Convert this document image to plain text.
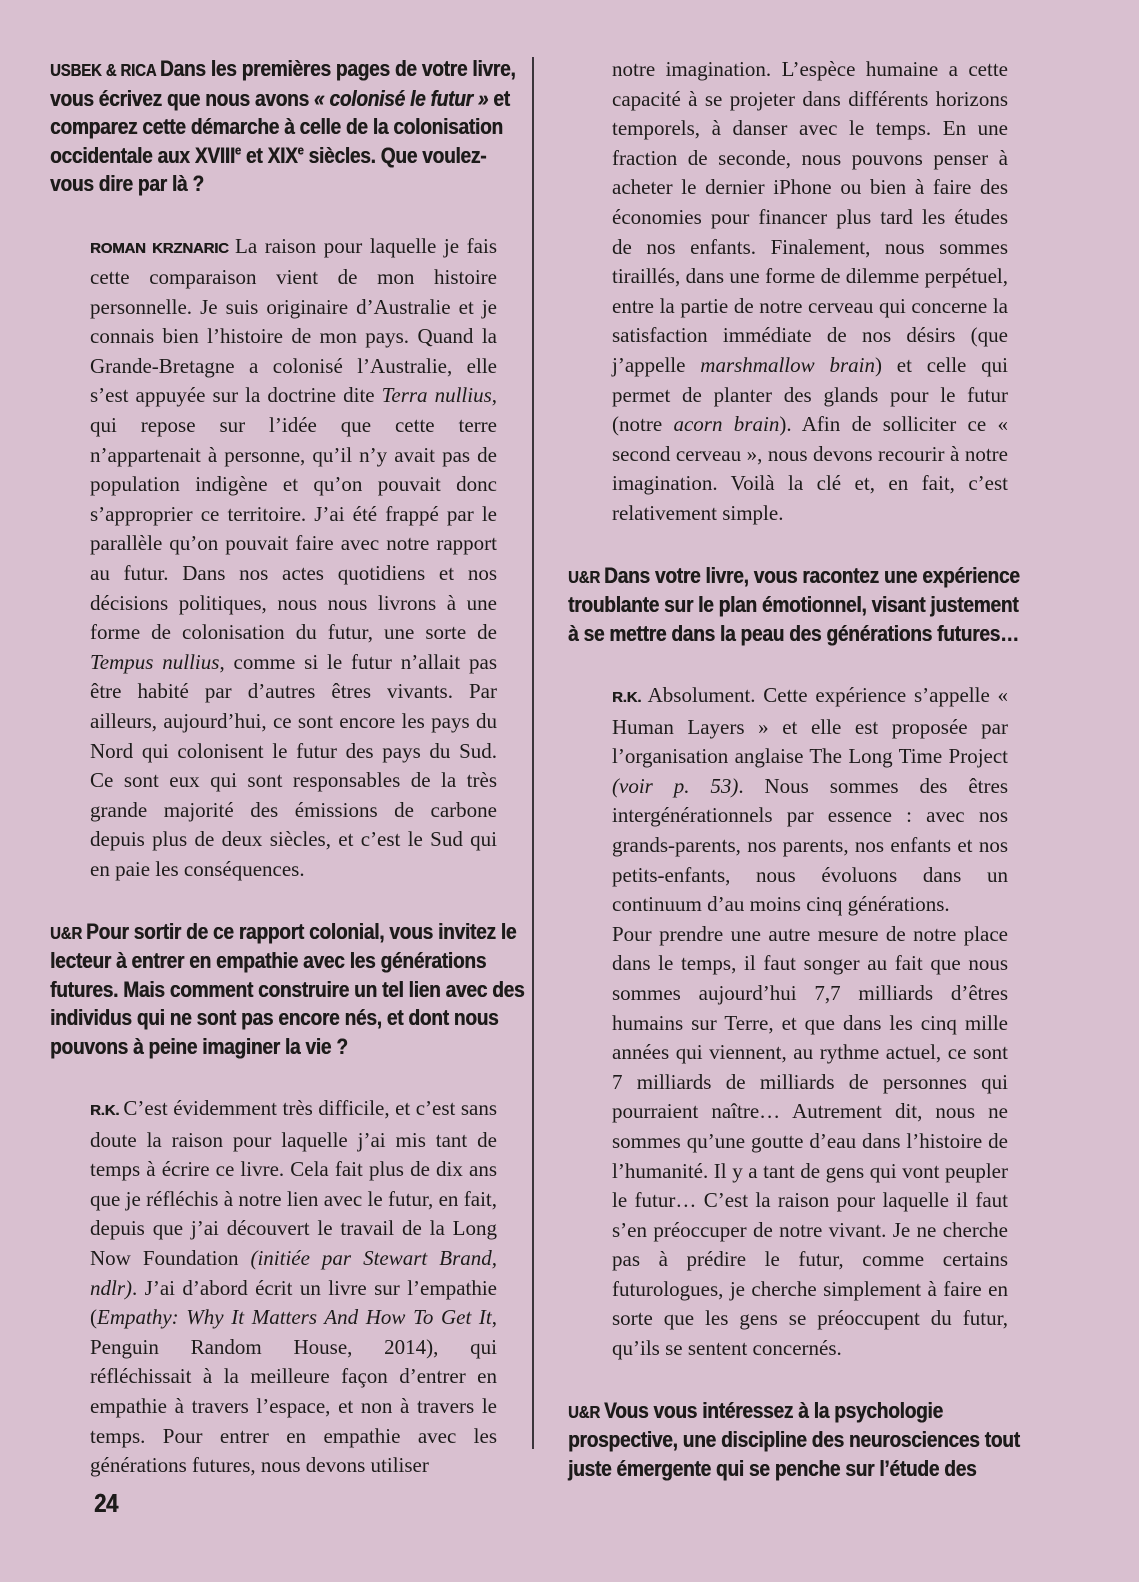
USBEK & RICA Dans les premières pages de votre livre, vous écrivez que nous avons « colonisé le futur » et comparez cette démarche à celle de la colonisation occidentale aux XVIIIe et XIXe siècles. Que voulez-vous dire par là ?

ROMAN KRZNARIC La raison pour laquelle je fais cette comparaison vient de mon histoire personnelle. Je suis originaire d’Australie et je connais bien l’histoire de mon pays. Quand la Grande-Bretagne a colonisé l’Australie, elle s’est appuyée sur la doctrine dite Terra nullius, qui repose sur l’idée que cette terre n’appartenait à personne, qu’il n’y avait pas de population indigène et qu’on pouvait donc s’approprier ce territoire. J’ai été frappé par le parallèle qu’on pouvait faire avec notre rapport au futur. Dans nos actes quotidiens et nos décisions politiques, nous nous livrons à une forme de colonisation du futur, une sorte de Tempus nullius, comme si le futur n’allait pas être habité par d’autres êtres vivants. Par ailleurs, aujourd’hui, ce sont encore les pays du Nord qui colonisent le futur des pays du Sud. Ce sont eux qui sont responsables de la très grande majorité des émissions de carbone depuis plus de deux siècles, et c’est le Sud qui en paie les conséquences.

U&R Pour sortir de ce rapport colonial, vous invitez le lecteur à entrer en empathie avec les générations futures. Mais comment construire un tel lien avec des individus qui ne sont pas encore nés, et dont nous pouvons à peine imaginer la vie ?

R.K. C’est évidemment très difficile, et c’est sans doute la raison pour laquelle j’ai mis tant de temps à écrire ce livre. Cela fait plus de dix ans que je réfléchis à notre lien avec le futur, en fait, depuis que j’ai découvert le travail de la Long Now Foundation (initiée par Stewart Brand, ndlr). J’ai d’abord écrit un livre sur l’empathie (Empathy: Why It Matters And How To Get It, Penguin Random House, 2014), qui réfléchissait à la meilleure façon d’entrer en empathie à travers l’espace, et non à travers le temps. Pour entrer en empathie avec les générations futures, nous devons utiliser

notre imagination. L’espèce humaine a cette capacité à se projeter dans différents horizons temporels, à danser avec le temps. En une fraction de seconde, nous pouvons penser à acheter le dernier iPhone ou bien à faire des économies pour financer plus tard les études de nos enfants. Finalement, nous sommes tiraillés, dans une forme de dilemme perpétuel, entre la partie de notre cerveau qui concerne la satisfaction immédiate de nos désirs (que j’appelle marshmallow brain) et celle qui permet de planter des glands pour le futur (notre acorn brain). Afin de solliciter ce « second cerveau », nous devons recourir à notre imagination. Voilà la clé et, en fait, c’est relativement simple.

U&R Dans votre livre, vous racontez une expérience troublante sur le plan émotionnel, visant justement à se mettre dans la peau des générations futures…

R.K. Absolument. Cette expérience s’appelle « Human Layers » et elle est proposée par l’organisation anglaise The Long Time Project (voir p. 53). Nous sommes des êtres intergénérationnels par essence : avec nos grands-parents, nos parents, nos enfants et nos petits-enfants, nous évoluons dans un continuum d’au moins cinq générations.

Pour prendre une autre mesure de notre place dans le temps, il faut songer au fait que nous sommes aujourd’hui 7,7 milliards d’êtres humains sur Terre, et que dans les cinq mille années qui viennent, au rythme actuel, ce sont 7 milliards de milliards de personnes qui pourraient naître… Autrement dit, nous ne sommes qu’une goutte d’eau dans l’histoire de l’humanité. Il y a tant de gens qui vont peupler le futur… C’est la raison pour laquelle il faut s’en préoccuper de notre vivant. Je ne cherche pas à prédire le futur, comme certains futurologues, je cherche simplement à faire en sorte que les gens se préoccupent du futur, qu’ils se sentent concernés.

U&R Vous vous intéressez à la psychologie prospective, une discipline des neurosciences tout juste émergente qui se penche sur l’étude des

24
